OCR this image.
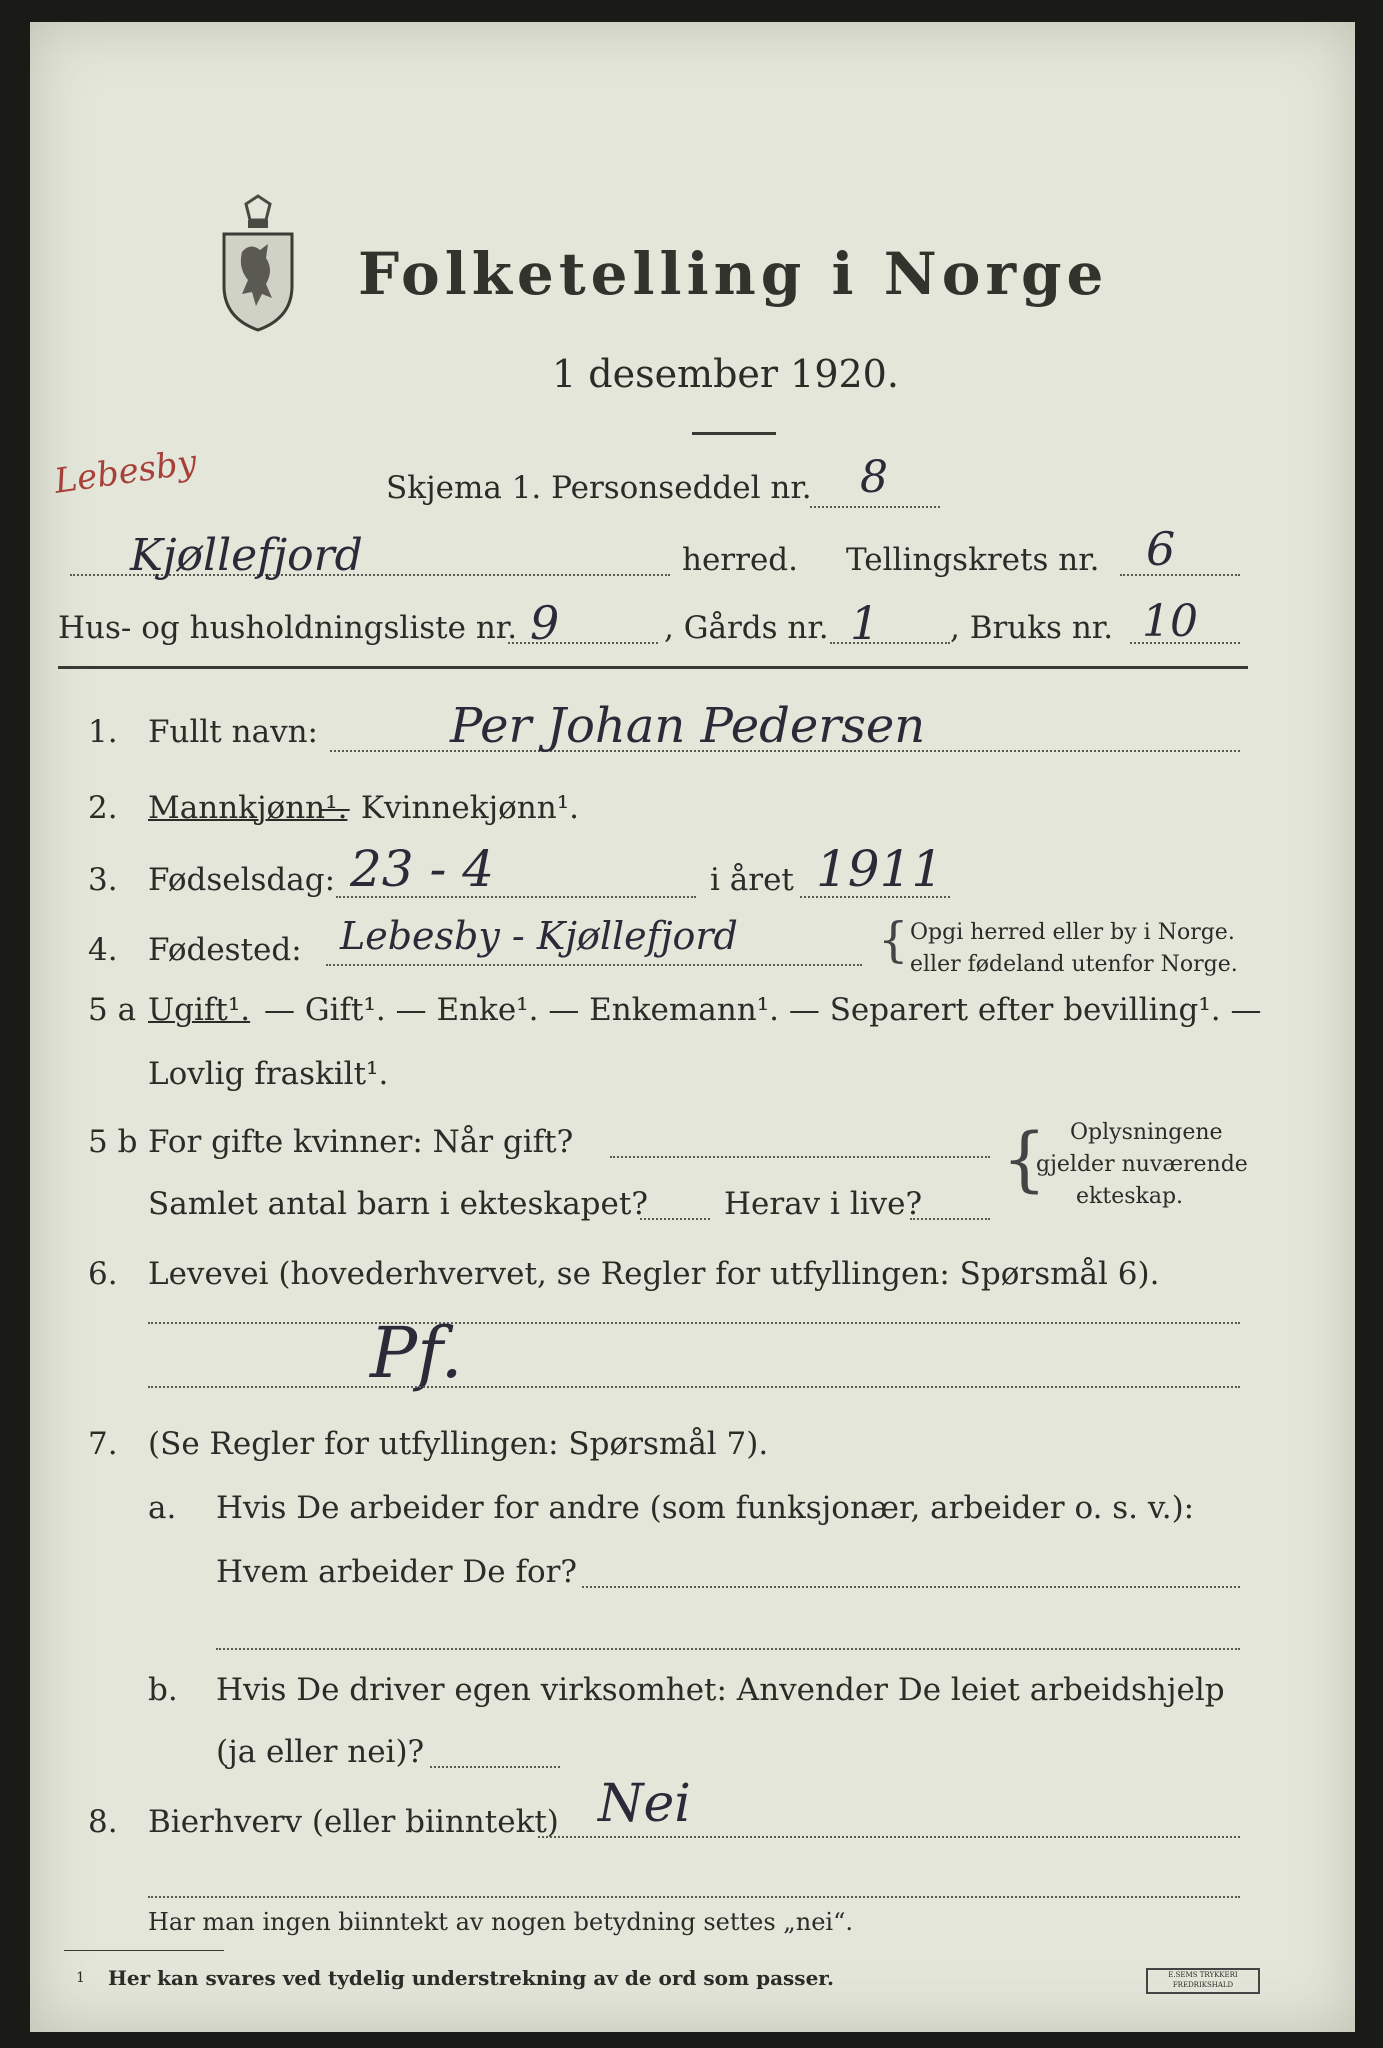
Folketelling i Norge
1 desember 1920.
Lebesby	Skjema 1. Personseddel nr. 8
Kjøllefjord	herred. Tellingskrets nr. 6
Hus- og husholdningsliste nr. 9	, Gårds nr. 1 , Bruks nr. 10
1. Fullt navn:	Per Johan Pedersen
2. Mannkjønn¹.
— Kvinnekjønn¹.
3. Fødselsdag: 23 - 4	i året 1911
4. Fødested: Lebesby - Kjøllefjord	{ Opgi herred eller by i Norge.
eller fødeland utenfor Norge.
5 a Ugift¹. — Gift¹. — Enke¹. — Enkemann¹. — Separert efter bevilling¹. —
Lovlig fraskilt¹.
5 b For gifte kvinner: Når gift?
Samlet antal barn i ekteskapet? Herav i live?
{ Oplysningene
gjelder nuværende
ekteskap.
6. Levevei (hovederhvervet, se Regler for utfyllingen: Spørsmål 6).
Pf.
7. (Se Regler for utfyllingen: Spørsmål 7).
a. Hvis De arbeider for andre (som funksjonær, arbeider o. s. v.):
Hvem arbeider De for?
b. Hvis De driver egen virksomhet: Anvender De leiet arbeidshjelp
(ja eller nei)?
8. Bierhverv (eller biinntekt) Nei
Har man ingen biinntekt av nogen betydning settes „nei“.
1 Her kan svares ved tydelig understrekning av de ord som passer.	E.SEMS TRYKKERI FREDRIKSHALD
